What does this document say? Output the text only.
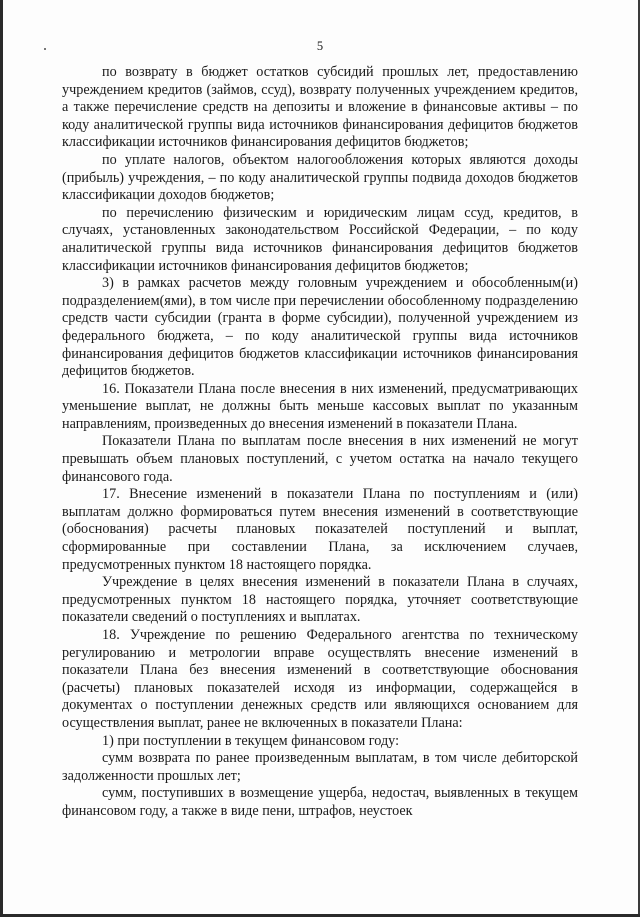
5

по возврату в бюджет остатков субсидий прошлых лет, предоставлению учреждением кредитов (займов, ссуд), возврату полученных учреждением кредитов, а также перечисление средств на депозиты и вложение в финансовые активы – по коду аналитической группы вида источников финансирования дефицитов бюджетов классификации источников финансирования дефицитов бюджетов;

по уплате налогов, объектом налогообложения которых являются доходы (прибыль) учреждения, – по коду аналитической группы подвида доходов бюджетов классификации доходов бюджетов;

по перечислению физическим и юридическим лицам ссуд, кредитов, в случаях, установленных законодательством Российской Федерации, – по коду аналитической группы вида источников финансирования дефицитов бюджетов классификации источников финансирования дефицитов бюджетов;

3) в рамках расчетов между головным учреждением и обособленным(и) подразделением(ями), в том числе при перечислении обособленному подразделению средств части субсидии (гранта в форме субсидии), полученной учреждением из федерального бюджета, – по коду аналитической группы вида источников финансирования дефицитов бюджетов классификации источников финансирования дефицитов бюджетов.

16. Показатели Плана после внесения в них изменений, предусматривающих уменьшение выплат, не должны быть меньше кассовых выплат по указанным направлениям, произведенных до внесения изменений в показатели Плана.

Показатели Плана по выплатам после внесения в них изменений не могут превышать объем плановых поступлений, с учетом остатка на начало текущего финансового года.

17. Внесение изменений в показатели Плана по поступлениям и (или) выплатам должно формироваться путем внесения изменений в соответствующие (обоснования) расчеты плановых показателей поступлений и выплат, сформированные при составлении Плана, за исключением случаев, предусмотренных пунктом 18 настоящего порядка.

Учреждение в целях внесения изменений в показатели Плана в случаях, предусмотренных пунктом 18 настоящего порядка, уточняет соответствующие показатели сведений о поступлениях и выплатах.

18. Учреждение по решению Федерального агентства по техническому регулированию и метрологии вправе осуществлять внесение изменений в показатели Плана без внесения изменений в соответствующие обоснования (расчеты) плановых показателей исходя из информации, содержащейся в документах о поступлении денежных средств или являющихся основанием для осуществления выплат, ранее не включенных в показатели Плана:

1) при поступлении в текущем финансовом году:

сумм возврата по ранее произведенным выплатам, в том числе дебиторской задолженности прошлых лет;

сумм, поступивших в возмещение ущерба, недостач, выявленных в текущем финансовом году, а также в виде пени, штрафов, неустоек
